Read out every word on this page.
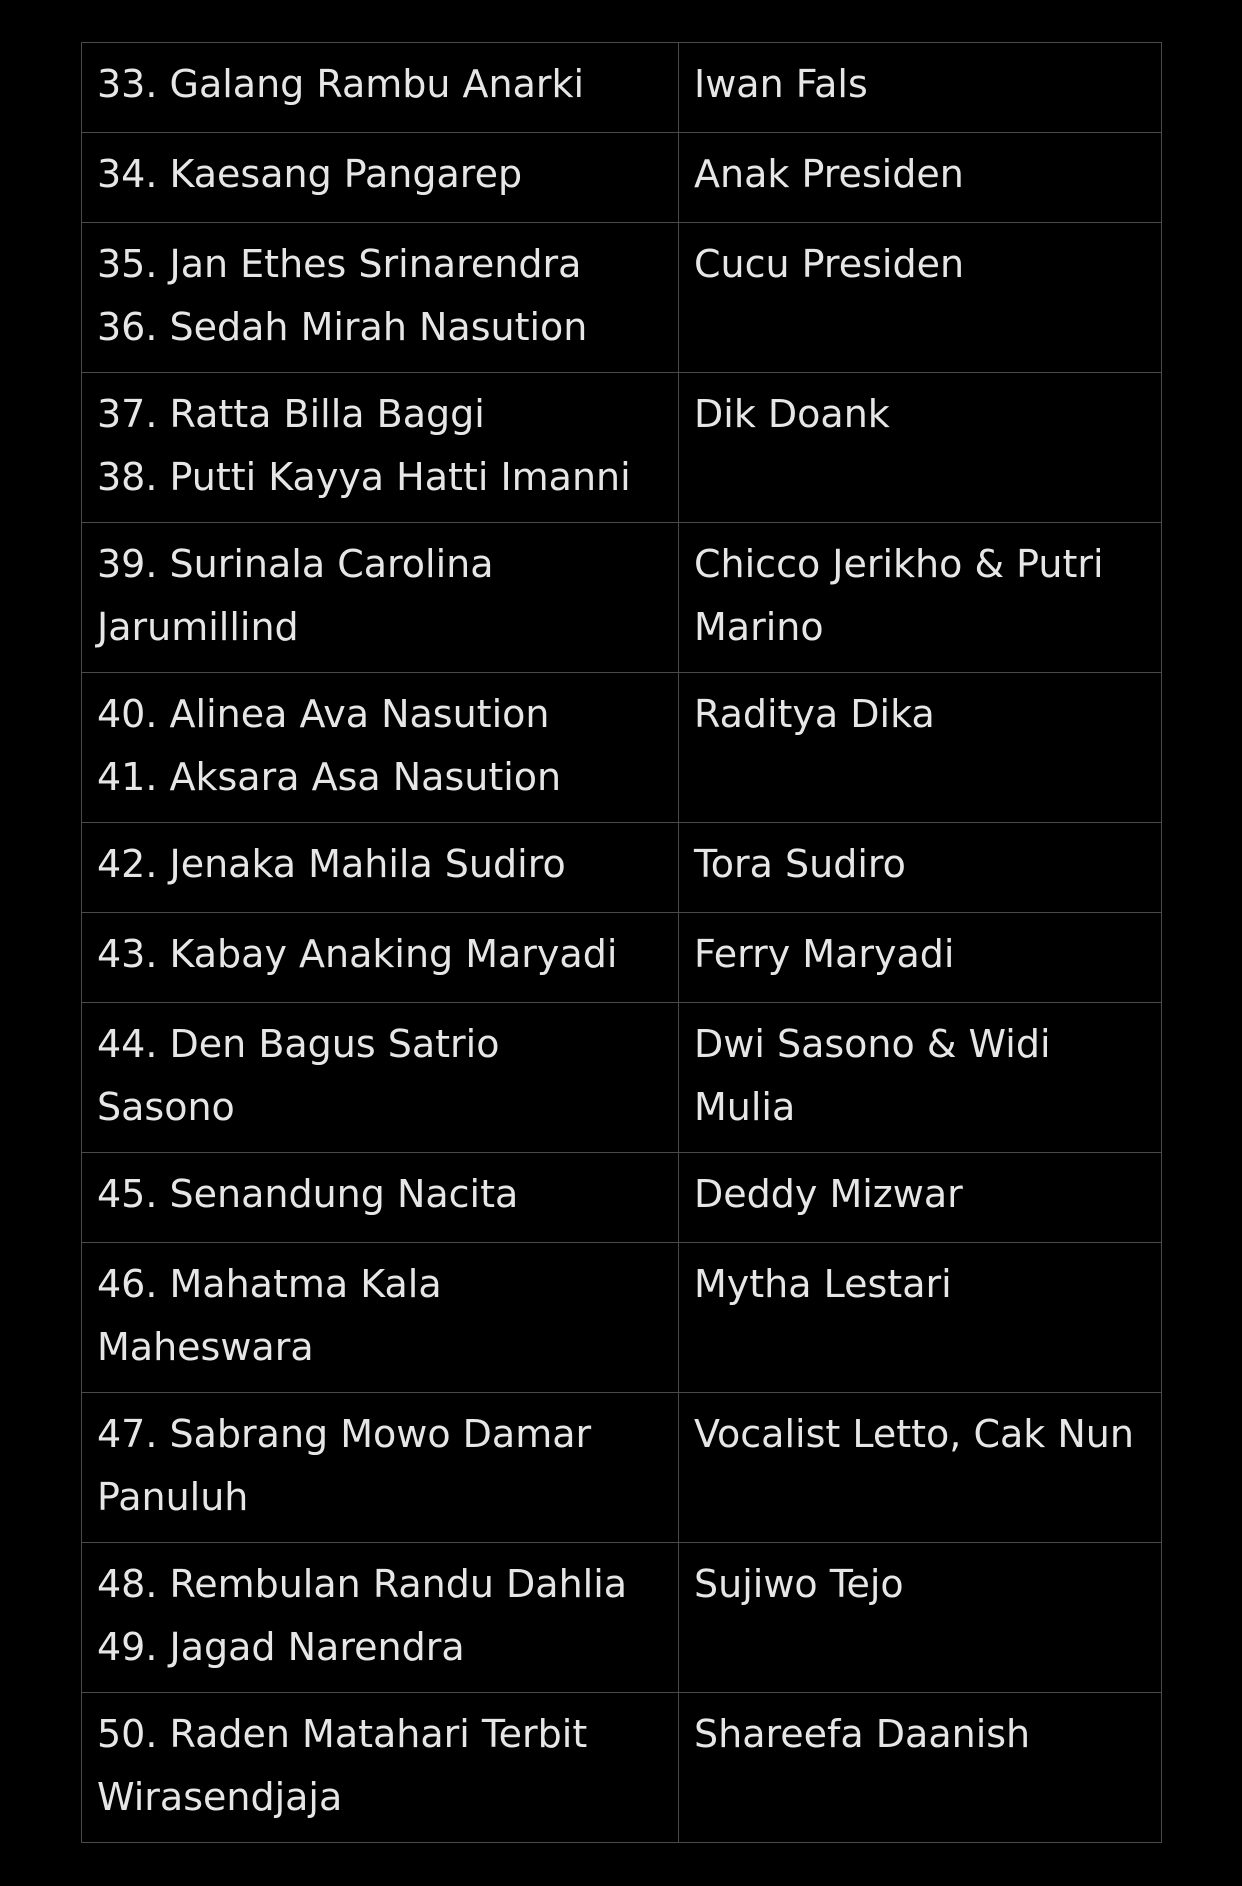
33. Galang Rambu Anarki	Iwan Fals

34. Kaesang Pangarep	Anak Presiden

35. Jan Ethes Srinarendra
36. Sedah Mirah Nasution	Cucu Presiden

37. Ratta Billa Baggi
38. Putti Kayya Hatti Imanni	Dik Doank

39. Surinala Carolina
Jarumillind	Chicco Jerikho & Putri Marino

40. Alinea Ava Nasution
41. Aksara Asa Nasution	Raditya Dika

42. Jenaka Mahila Sudiro	Tora Sudiro

43. Kabay Anaking Maryadi	Ferry Maryadi

44. Den Bagus Satrio
Sasono	Dwi Sasono & Widi Mulia

45. Senandung Nacita	Deddy Mizwar

46. Mahatma Kala
Maheswara	Mytha Lestari

47. Sabrang Mowo Damar
Panuluh	Vocalist Letto, Cak Nun

48. Rembulan Randu Dahlia
49. Jagad Narendra	Sujiwo Tejo

50. Raden Matahari Terbit
Wirasendjaja	Shareefa Daanish
